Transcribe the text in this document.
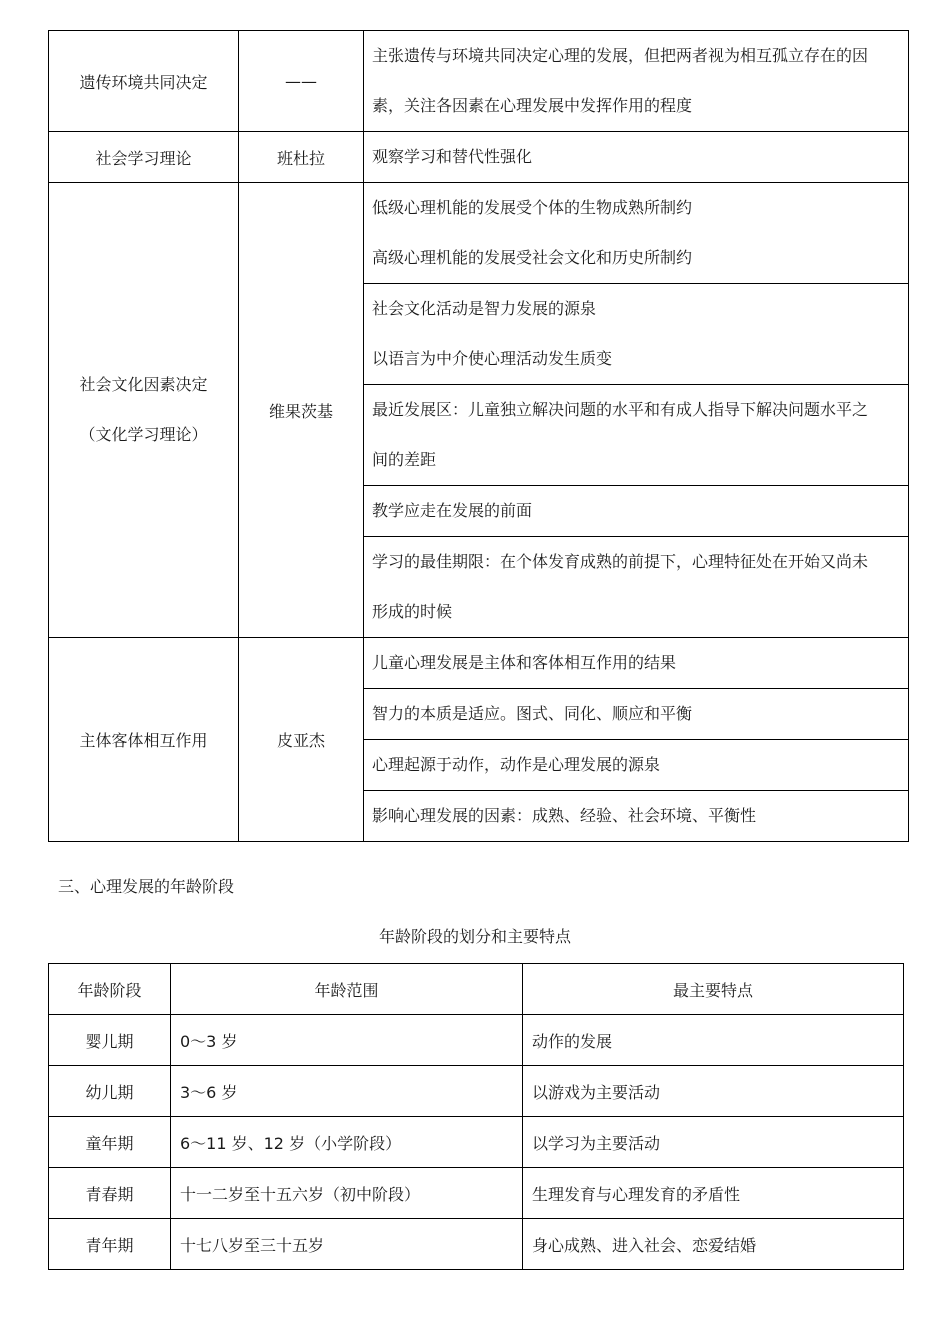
遗传环境共同决定	——	主张遗传与环境共同决定心理的发展，但把两者视为相互孤立存在的因
素，关注各因素在心理发展中发挥作用的程度

社会学习理论	班杜拉	观察学习和替代性强化

社会文化因素决定
（文化学习理论）	维果茨基	低级心理机能的发展受个体的生物成熟所制约
高级心理机能的发展受社会文化和历史所制约

		社会文化活动是智力发展的源泉
以语言为中介使心理活动发生质变

		最近发展区：儿童独立解决问题的水平和有成人指导下解决问题水平之
间的差距

		教学应走在发展的前面

		学习的最佳期限：在个体发育成熟的前提下，心理特征处在开始又尚未
形成的时候

主体客体相互作用	皮亚杰	儿童心理发展是主体和客体相互作用的结果

		智力的本质是适应。图式、同化、顺应和平衡

		心理起源于动作，动作是心理发展的源泉

		影响心理发展的因素：成熟、经验、社会环境、平衡性
三、心理发展的年龄阶段
年龄阶段的划分和主要特点
年龄阶段	年龄范围	最主要特点
婴儿期	0～3 岁	动作的发展
幼儿期	3～6 岁	以游戏为主要活动
童年期	6～11 岁、12 岁（小学阶段）	以学习为主要活动
青春期	十一二岁至十五六岁（初中阶段）	生理发育与心理发育的矛盾性
青年期	十七八岁至三十五岁	身心成熟、进入社会、恋爱结婚
